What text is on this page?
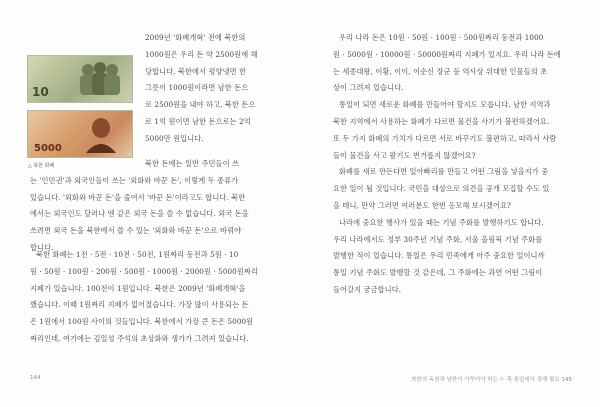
10
5000
△ 북한 화폐

2009년 '화폐개혁' 전에 북한의

1000원은 우리 돈 약 2500원에 해

당합니다. 북한에서 평양냉면 한

그릇이 1000원이라면 남한 돈으

로 2500원을 내야 하고, 북한 돈으

로 1억 원이면 남한 돈으로는 2억

5000만 원입니다.

북한 돈에는 일반 주민들이 쓰

는 '인민권'과 외국인들이 쓰는 '외화와 바꾼 돈', 이렇게 두 종류가

있습니다. '외화와 바꾼 돈'을 줄여서 '바꾼 돈'이라고도 합니다. 북한

에서는 외국인도 달러나 엔 같은 외국 돈을 쓸 수 없습니다. 외국 돈을

쓰려면 외국 돈을 북한에서 쓸 수 있는 '외화와 바꾼 돈'으로 바꿔야

합니다.

북한 화폐는 1전 · 5전 · 10전 · 50전, 1원짜리 동전과 5원 · 10

원 · 50원 · 100원 · 200원 · 500원 · 1000원 · 2000원 · 5000원짜리

지폐가 있습니다. 100전이 1원입니다. 북한은 2009년 '화폐개혁'을

했습니다. 이때 1원짜리 지폐가 없어졌습니다. 가장 많이 사용되는 돈

은 1원에서 100원 사이의 것들입니다. 북한에서 가장 큰 돈은 5000원

짜리인데, 여기에는 김일성 주석의 초상화와 생가가 그려져 있습니다.

144

우리 나라 돈은 10원 · 50원 · 100원 · 500원짜리 동전과 1000

원 · 5000원 · 10000원 · 50000원짜리 지폐가 있지요. 우리 나라 돈에

는 세종대왕, 이황, 이이, 이순신 장군 등 역사상 위대한 인물들의 초

상이 그려져 있습니다.

통일이 되면 새로운 화폐를 만들어야 할지도 모릅니다. 남한 지역과

북한 지역에서 사용하는 화폐가 다르면 물건을 사기가 불편하겠어요.

또 두 가지 화폐의 가치가 다르면 서로 바꾸기도 불편하고, 따라서 사람

들이 물건을 사고 팔기도 번거롭지 않겠어요?

화폐를 새로 만든다면 일아빠리를 만들고 어떤 그림을 넣을지가 중

요한 일이 될 것입니다. 국민을 대상으로 의견을 공개 모집할 수도 있

을 테니, 만약 그러면 여러분도 한번 응모해 보시겠어요?

나라에 중요한 행사가 있을 때는 기념 주화를 발행하기도 합니다.

우리 나라에서도 정부 30주년 기념 주화, 서울 올림픽 기념 주화를

발행한 적이 있습니다. 통일은 우리 민족에게 아주 중요한 일이니까

통일 기념 주화도 발행할 것 같은데, 그 주화에는 과연 어떤 그림이

들어갈지 궁금합니다.

북한의 독원과 남한이 가꾸어야 하는 ㄷ 목 통일에서 경계 필요 145
